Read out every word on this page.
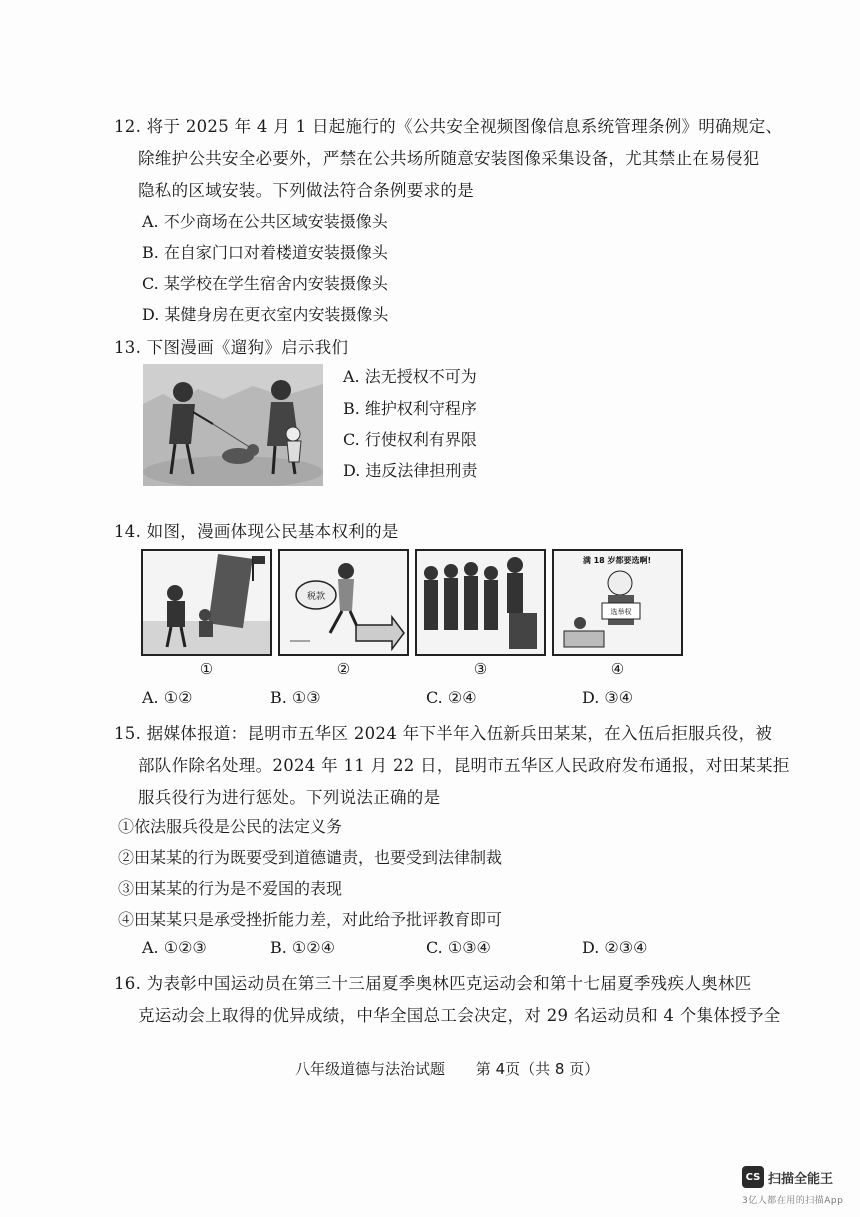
12. 将于 2025 年 4 月 1 日起施行的《公共安全视频图像信息系统管理条例》明确规定、
除维护公共安全必要外，严禁在公共场所随意安装图像采集设备，尤其禁止在易侵犯
隐私的区域安装。下列做法符合条例要求的是
A. 不少商场在公共区域安装摄像头
B. 在自家门口对着楼道安装摄像头
C. 某学校在学生宿舍内安装摄像头
D. 某健身房在更衣室内安装摄像头
13. 下图漫画《遛狗》启示我们
A. 法无授权不可为
B. 维护权利守程序
C. 行使权利有界限
D. 违反法律担刑责
14. 如图，漫画体现公民基本权利的是
税款
满 18 岁都要选啊!
选举权
①	②	③	④
A. ①②	B. ①③	C. ②④	D. ③④
15. 据媒体报道：昆明市五华区 2024 年下半年入伍新兵田某某，在入伍后拒服兵役，被
部队作除名处理。2024 年 11 月 22 日，昆明市五华区人民政府发布通报，对田某某拒
服兵役行为进行惩处。下列说法正确的是
①依法服兵役是公民的法定义务
②田某某的行为既要受到道德谴责，也要受到法律制裁
③田某某的行为是不爱国的表现
④田某某只是承受挫折能力差，对此给予批评教育即可
A. ①②③	B. ①②④	C. ①③④	D. ②③④
16. 为表彰中国运动员在第三十三届夏季奥林匹克运动会和第十七届夏季残疾人奥林匹
克运动会上取得的优异成绩，中华全国总工会决定，对 29 名运动员和 4 个集体授予全
八年级道德与法治试题 第 4页（共 8 页）
CS 扫描全能王
3亿人都在用的扫描App
